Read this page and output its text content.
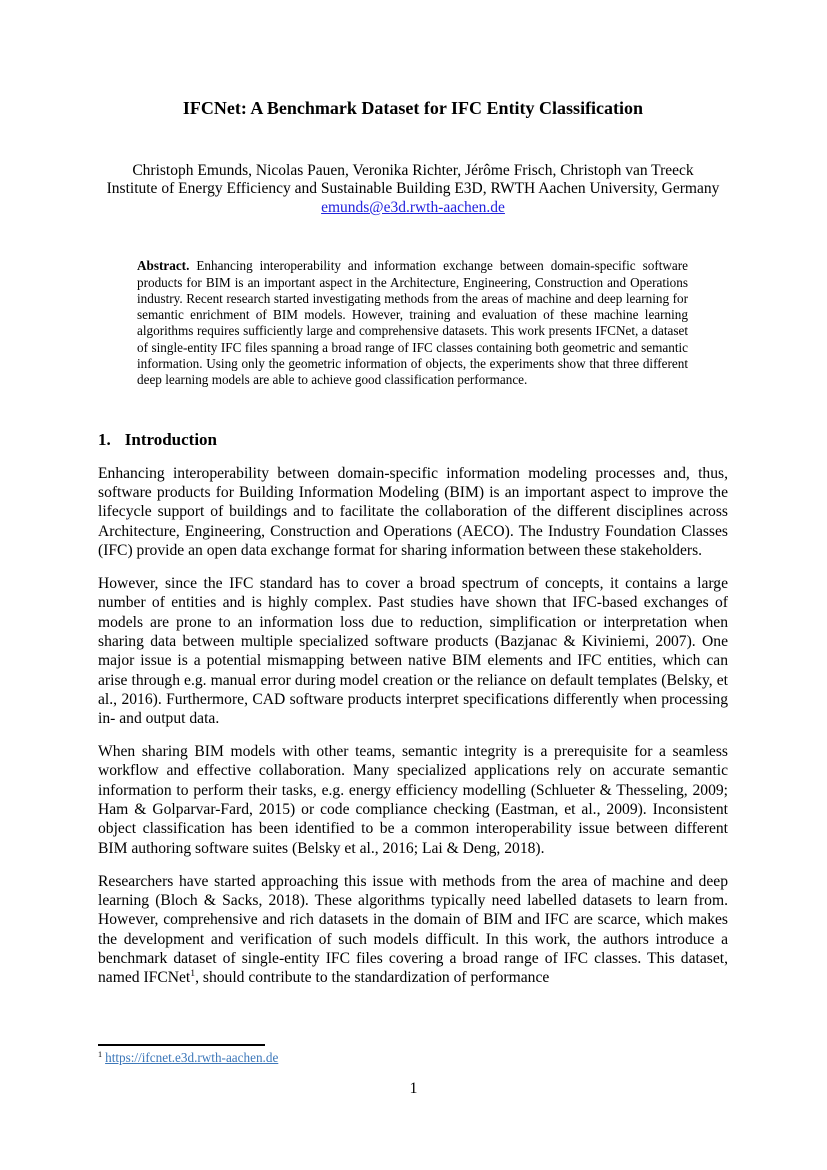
IFCNet: A Benchmark Dataset for IFC Entity Classification
Christoph Emunds, Nicolas Pauen, Veronika Richter, Jérôme Frisch, Christoph van Treeck
Institute of Energy Efficiency and Sustainable Building E3D, RWTH Aachen University, Germany
emunds@e3d.rwth-aachen.de

Abstract. Enhancing interoperability and information exchange between domain-specific software products for BIM is an important aspect in the Architecture, Engineering, Construction and Operations industry. Recent research started investigating methods from the areas of machine and deep learning for semantic enrichment of BIM models. However, training and evaluation of these machine learning algorithms requires sufficiently large and comprehensive datasets. This work presents IFCNet, a dataset of single-entity IFC files spanning a broad range of IFC classes containing both geometric and semantic information. Using only the geometric information of objects, the experiments show that three different deep learning models are able to achieve good classification performance.

1. Introduction

Enhancing interoperability between domain-specific information modeling processes and, thus, software products for Building Information Modeling (BIM) is an important aspect to improve the lifecycle support of buildings and to facilitate the collaboration of the different disciplines across Architecture, Engineering, Construction and Operations (AECO). The Industry Foundation Classes (IFC) provide an open data exchange format for sharing information between these stakeholders.

However, since the IFC standard has to cover a broad spectrum of concepts, it contains a large number of entities and is highly complex. Past studies have shown that IFC-based exchanges of models are prone to an information loss due to reduction, simplification or interpretation when sharing data between multiple specialized software products (Bazjanac & Kiviniemi, 2007). One major issue is a potential mismapping between native BIM elements and IFC entities, which can arise through e.g. manual error during model creation or the reliance on default templates (Belsky, et al., 2016). Furthermore, CAD software products interpret specifications differently when processing in- and output data.

When sharing BIM models with other teams, semantic integrity is a prerequisite for a seamless workflow and effective collaboration. Many specialized applications rely on accurate semantic information to perform their tasks, e.g. energy efficiency modelling (Schlueter & Thesseling, 2009; Ham & Golparvar-Fard, 2015) or code compliance checking (Eastman, et al., 2009). Inconsistent object classification has been identified to be a common interoperability issue between different BIM authoring software suites (Belsky et al., 2016; Lai & Deng, 2018).

Researchers have started approaching this issue with methods from the area of machine and deep learning (Bloch & Sacks, 2018). These algorithms typically need labelled datasets to learn from. However, comprehensive and rich datasets in the domain of BIM and IFC are scarce, which makes the development and verification of such models difficult. In this work, the authors introduce a benchmark dataset of single-entity IFC files covering a broad range of IFC classes. This dataset, named IFCNet$^1$, should contribute to the standardization of performance

$^1$ https://ifcnet.e3d.rwth-aachen.de
1
